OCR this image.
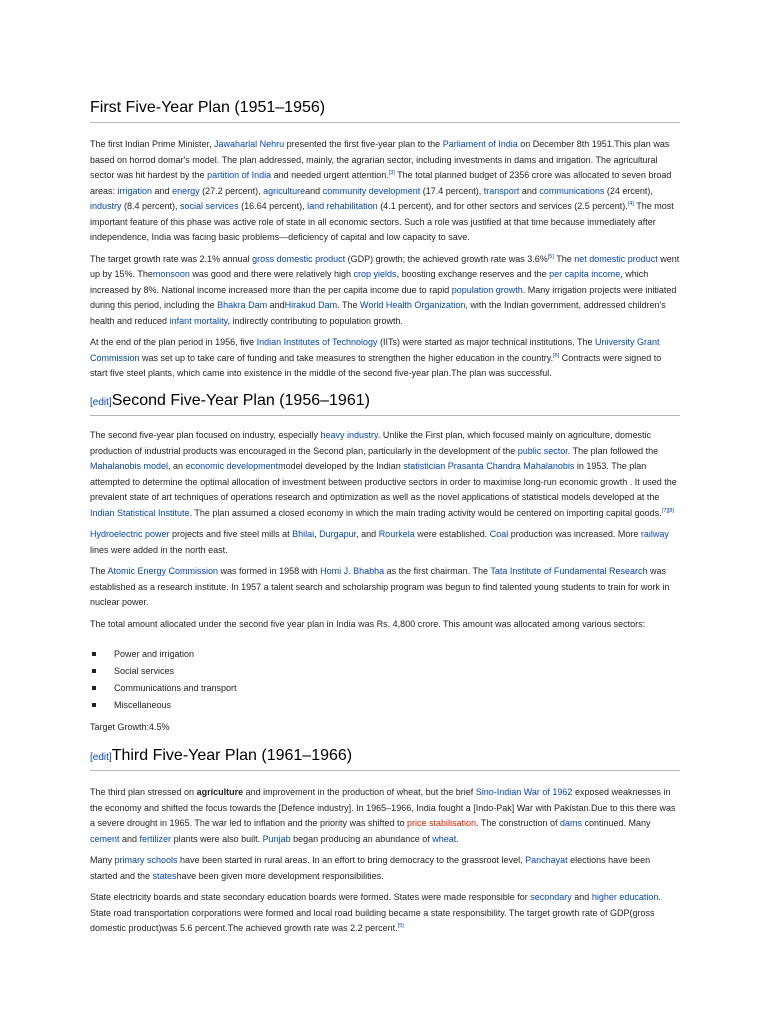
First Five-Year Plan (1951–1956)

The first Indian Prime Minister, Jawaharlal Nehru presented the first five-year plan to the Parliament of India on December 8th 1951.This plan was based on horrod domar's model. The plan addressed, mainly, the agrarian sector, including investments in dams and irrigation. The agricultural sector was hit hardest by the partition of India and needed urgent attention.[3] The total planned budget of 2356 crore was allocated to seven broad areas: irrigation and energy (27.2 percent), agricultureand community development (17.4 percent), transport and communications (24 ercent), industry (8.4 percent), social services (16.64 percent), land rehabilitation (4.1 percent), and for other sectors and services (2.5 percent).[4] The most important feature of this phase was active role of state in all economic sectors. Such a role was justified at that time because immediately after independence, India was facing basic problems—deficiency of capital and low capacity to save.

The target growth rate was 2.1% annual gross domestic product (GDP) growth; the achieved growth rate was 3.6%[5] The net domestic product went up by 15%. Themonsoon was good and there were relatively high crop yields, boosting exchange reserves and the per capita income, which increased by 8%. National income increased more than the per capita income due to rapid population growth. Many irrigation projects were initiated during this period, including the Bhakra Dam andHirakud Dam. The World Health Organization, with the Indian government, addressed children's health and reduced infant mortality, indirectly contributing to population growth.

At the end of the plan period in 1956, five Indian Institutes of Technology (IITs) were started as major technical institutions. The University Grant Commission was set up to take care of funding and take measures to strengthen the higher education in the country.[6] Contracts were signed to start five steel plants, which came into existence in the middle of the second five-year plan.The plan was successful.

[edit]Second Five-Year Plan (1956–1961)

The second five-year plan focused on industry, especially heavy industry. Unlike the First plan, which focused mainly on agriculture, domestic production of industrial products was encouraged in the Second plan, particularly in the development of the public sector. The plan followed the Mahalanobis model, an economic developmentmodel developed by the Indian statistician Prasanta Chandra Mahalanobis in 1953. The plan attempted to determine the optimal allocation of investment between productive sectors in order to maximise long-run economic growth . It used the prevalent state of art techniques of operations research and optimization as well as the novel applications of statistical models developed at the Indian Statistical Institute. The plan assumed a closed economy in which the main trading activity would be centered on importing capital goods.[7][8]

Hydroelectric power projects and five steel mills at Bhilai, Durgapur, and Rourkela were established. Coal production was increased. More railway lines were added in the north east.

The Atomic Energy Commission was formed in 1958 with Homi J. Bhabha as the first chairman. The Tata Institute of Fundamental Research was established as a research institute. In 1957 a talent search and scholarship program was begun to find talented young students to train for work in nuclear power.

The total amount allocated under the second five year plan in India was Rs. 4,800 crore. This amount was allocated among various sectors:

Power and irrigation
Social services
Communications and transport
Miscellaneous

Target Growth:4.5%

[edit]Third Five-Year Plan (1961–1966)

The third plan stressed on agriculture and improvement in the production of wheat, but the brief Sino-Indian War of 1962 exposed weaknesses in the economy and shifted the focus towards the [Defence industry]. In 1965–1966, India fought a [Indo-Pak] War with Pakistan.Due to this there was a severe drought in 1965. The war led to inflation and the priority was shifted to price stabilisation. The construction of dams continued. Many cement and fertilizer plants were also built. Punjab began producing an abundance of wheat.

Many primary schools have been started in rural areas. In an effort to bring democracy to the grassroot level, Panchayat elections have been started and the stateshave been given more development responsibilities.

State electricity boards and state secondary education boards were formed. States were made responsible for secondary and higher education. State road transportation corporations were formed and local road building became a state responsibility. The target growth rate of GDP(gross domestic product)was 5.6 percent.The achieved growth rate was 2.2 percent.[5]
